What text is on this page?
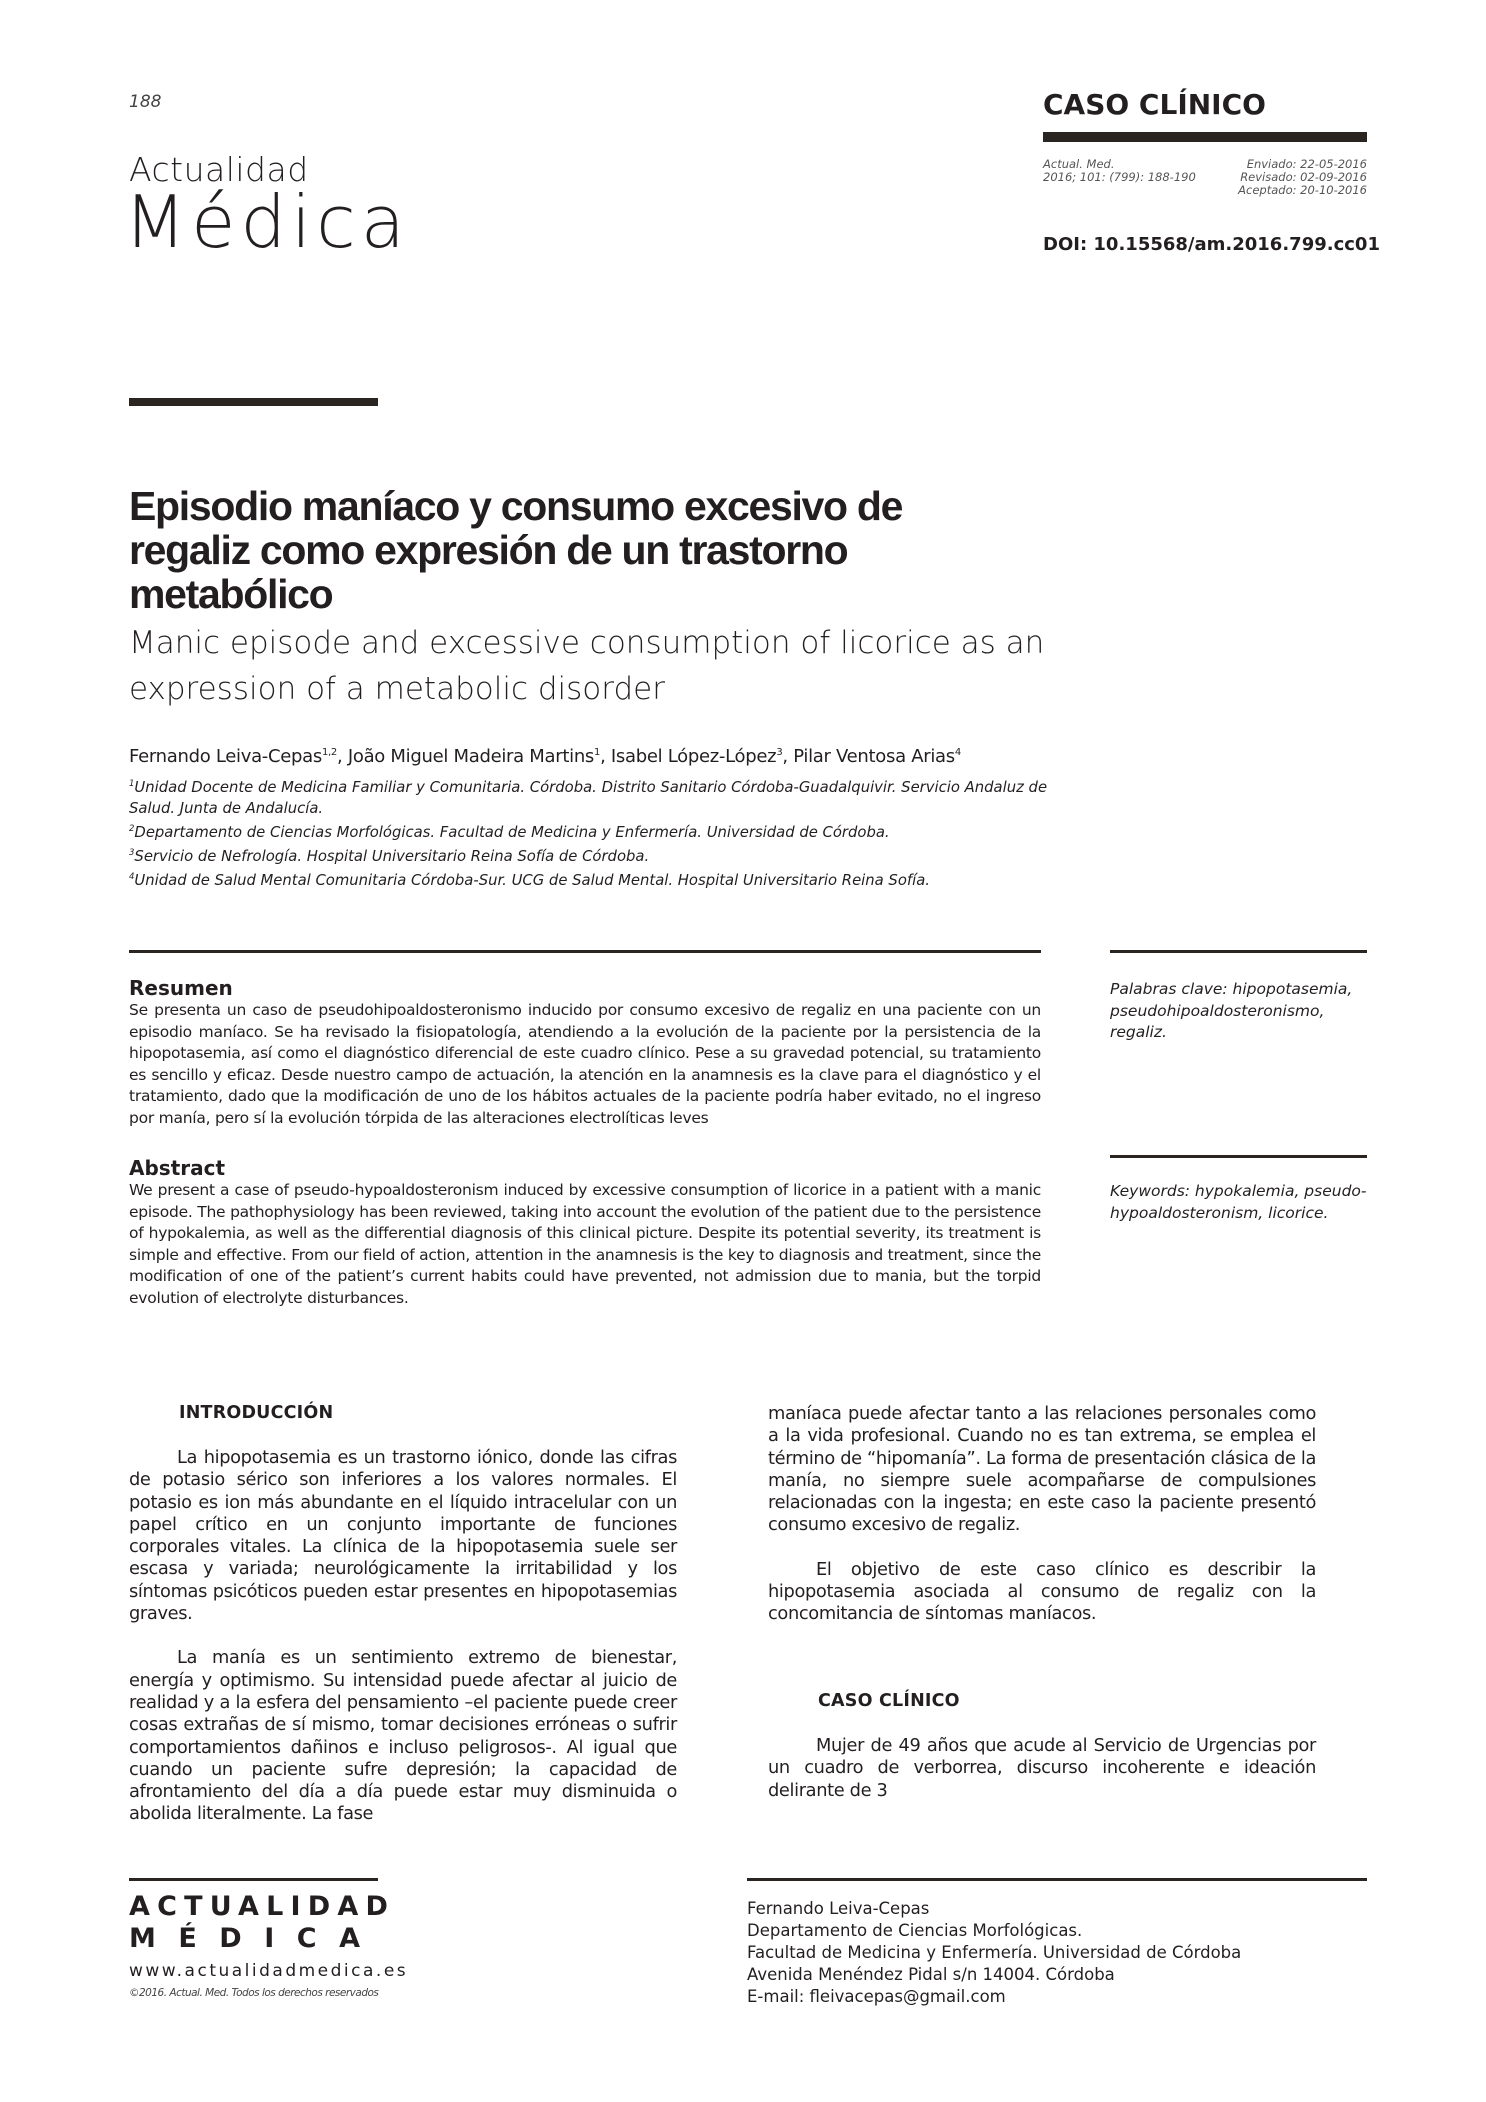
188
Actualidad
Médica
CASO CLÍNICO
Actual. Med.
2016; 101: (799): 188-190
Enviado: 22-05-2016
Revisado: 02-09-2016
Aceptado: 20-10-2016
DOI: 10.15568/am.2016.799.cc01
Episodio maníaco y consumo excesivo de regaliz como expresión de un trastorno metabólico
Manic episode and excessive consumption of licorice as an expression of a metabolic disorder
Fernando Leiva-Cepas$^{1,2}$, João Miguel Madeira Martins$^1$, Isabel López-López$^3$, Pilar Ventosa Arias$^4$
$^1$Unidad Docente de Medicina Familiar y Comunitaria. Córdoba. Distrito Sanitario Córdoba-Guadalquivir. Servicio Andaluz de Salud. Junta de Andalucía.
$^2$Departamento de Ciencias Morfológicas. Facultad de Medicina y Enfermería. Universidad de Córdoba.
$^3$Servicio de Nefrología. Hospital Universitario Reina Sofía de Córdoba.
$^4$Unidad de Salud Mental Comunitaria Córdoba-Sur. UCG de Salud Mental. Hospital Universitario Reina Sofía.
Resumen
Se presenta un caso de pseudohipoaldosteronismo inducido por consumo excesivo de regaliz en una paciente con un episodio maníaco. Se ha revisado la fisiopatología, atendiendo a la evolución de la paciente por la persistencia de la hipopotasemia, así como el diagnóstico diferencial de este cuadro clínico. Pese a su gravedad potencial, su tratamiento es sencillo y eficaz. Desde nuestro campo de actuación, la atención en la anamnesis es la clave para el diagnóstico y el tratamiento, dado que la modificación de uno de los hábitos actuales de la paciente podría haber evitado, no el ingreso por manía, pero sí la evolución tórpida de las alteraciones electrolíticas leves
Palabras clave: hipopotasemia, pseudohipoaldosteronismo, regaliz.
Abstract
We present a case of pseudo-hypoaldosteronism induced by excessive consumption of licorice in a patient with a manic episode. The pathophysiology has been reviewed, taking into account the evolution of the patient due to the persistence of hypokalemia, as well as the differential diagnosis of this clinical picture. Despite its potential severity, its treatment is simple and effective. From our field of action, attention in the anamnesis is the key to diagnosis and treatment, since the modification of one of the patient’s current habits could have prevented, not admission due to mania, but the torpid evolution of electrolyte disturbances.
Keywords: hypokalemia, pseudo-hypoaldosteronism, licorice.
INTRODUCCIÓN

La hipopotasemia es un trastorno iónico, donde las cifras de potasio sérico son inferiores a los valores normales. El potasio es ion más abundante en el líquido intracelular con un papel crítico en un conjunto importante de funciones corporales vitales. La clínica de la hipopotasemia suele ser escasa y variada; neurológicamente la irritabilidad y los síntomas psicóticos pueden estar presentes en hipopotasemias graves.

La manía es un sentimiento extremo de bienestar, energía y optimismo. Su intensidad puede afectar al juicio de realidad y a la esfera del pensamiento –el paciente puede creer cosas extrañas de sí mismo, tomar decisiones erróneas o sufrir comportamientos dañinos e incluso peligrosos-. Al igual que cuando un paciente sufre depresión; la capacidad de afrontamiento del día a día puede estar muy disminuida o abolida literalmente. La fase

maníaca puede afectar tanto a las relaciones personales como a la vida profesional. Cuando no es tan extrema, se emplea el término de “hipomanía”. La forma de presentación clásica de la manía, no siempre suele acompañarse de compulsiones relacionadas con la ingesta; en este caso la paciente presentó consumo excesivo de regaliz.

El objetivo de este caso clínico es describir la hipopotasemia asociada al consumo de regaliz con la concomitancia de síntomas maníacos.

CASO CLÍNICO

Mujer de 49 años que acude al Servicio de Urgencias por un cuadro de verborrea, discurso incoherente e ideación delirante de 3

ACTUALIDAD
MÉDICA
www.actualidadmedica.es
©2016. Actual. Med. Todos los derechos reservados
Fernando Leiva-Cepas
Departamento de Ciencias Morfológicas.
Facultad de Medicina y Enfermería. Universidad de Córdoba
Avenida Menéndez Pidal s/n 14004. Córdoba
E-mail: fleivacepas@gmail.com
